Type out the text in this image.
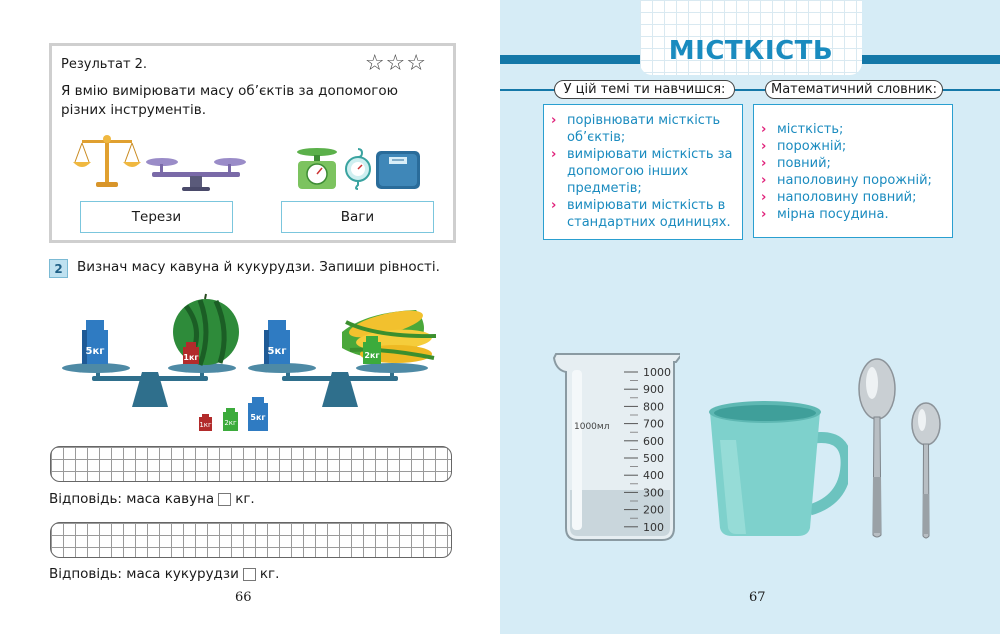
Результат 2.	☆☆☆
Я вмію вимірювати масу об’єктів за допомогою різних інструментів.
Терези	Ваги
2	Визнач масу кавуна й кукурудзи. Запиши рівності.
5кг
1кг
5кг	2кг
1кг 2кг
5кг
Відповідь: маса кавуна кг.
Відповідь: маса кукурудзи кг.
66
МІСТКІСТЬ
У цій темі ти навчишся:	Математичний словник:
› порівнювати місткість об’єктів;
› вимірювати місткість за допомогою інших предметів;
› вимірювати місткість в стандартних одиницях.
› місткість;
› порожній;
› повний;
› наполовину порожній;
› наполовину повний;
› мірна посудина.
1000мл
1000
900
800
700
600
500
400
300
200
100
67
